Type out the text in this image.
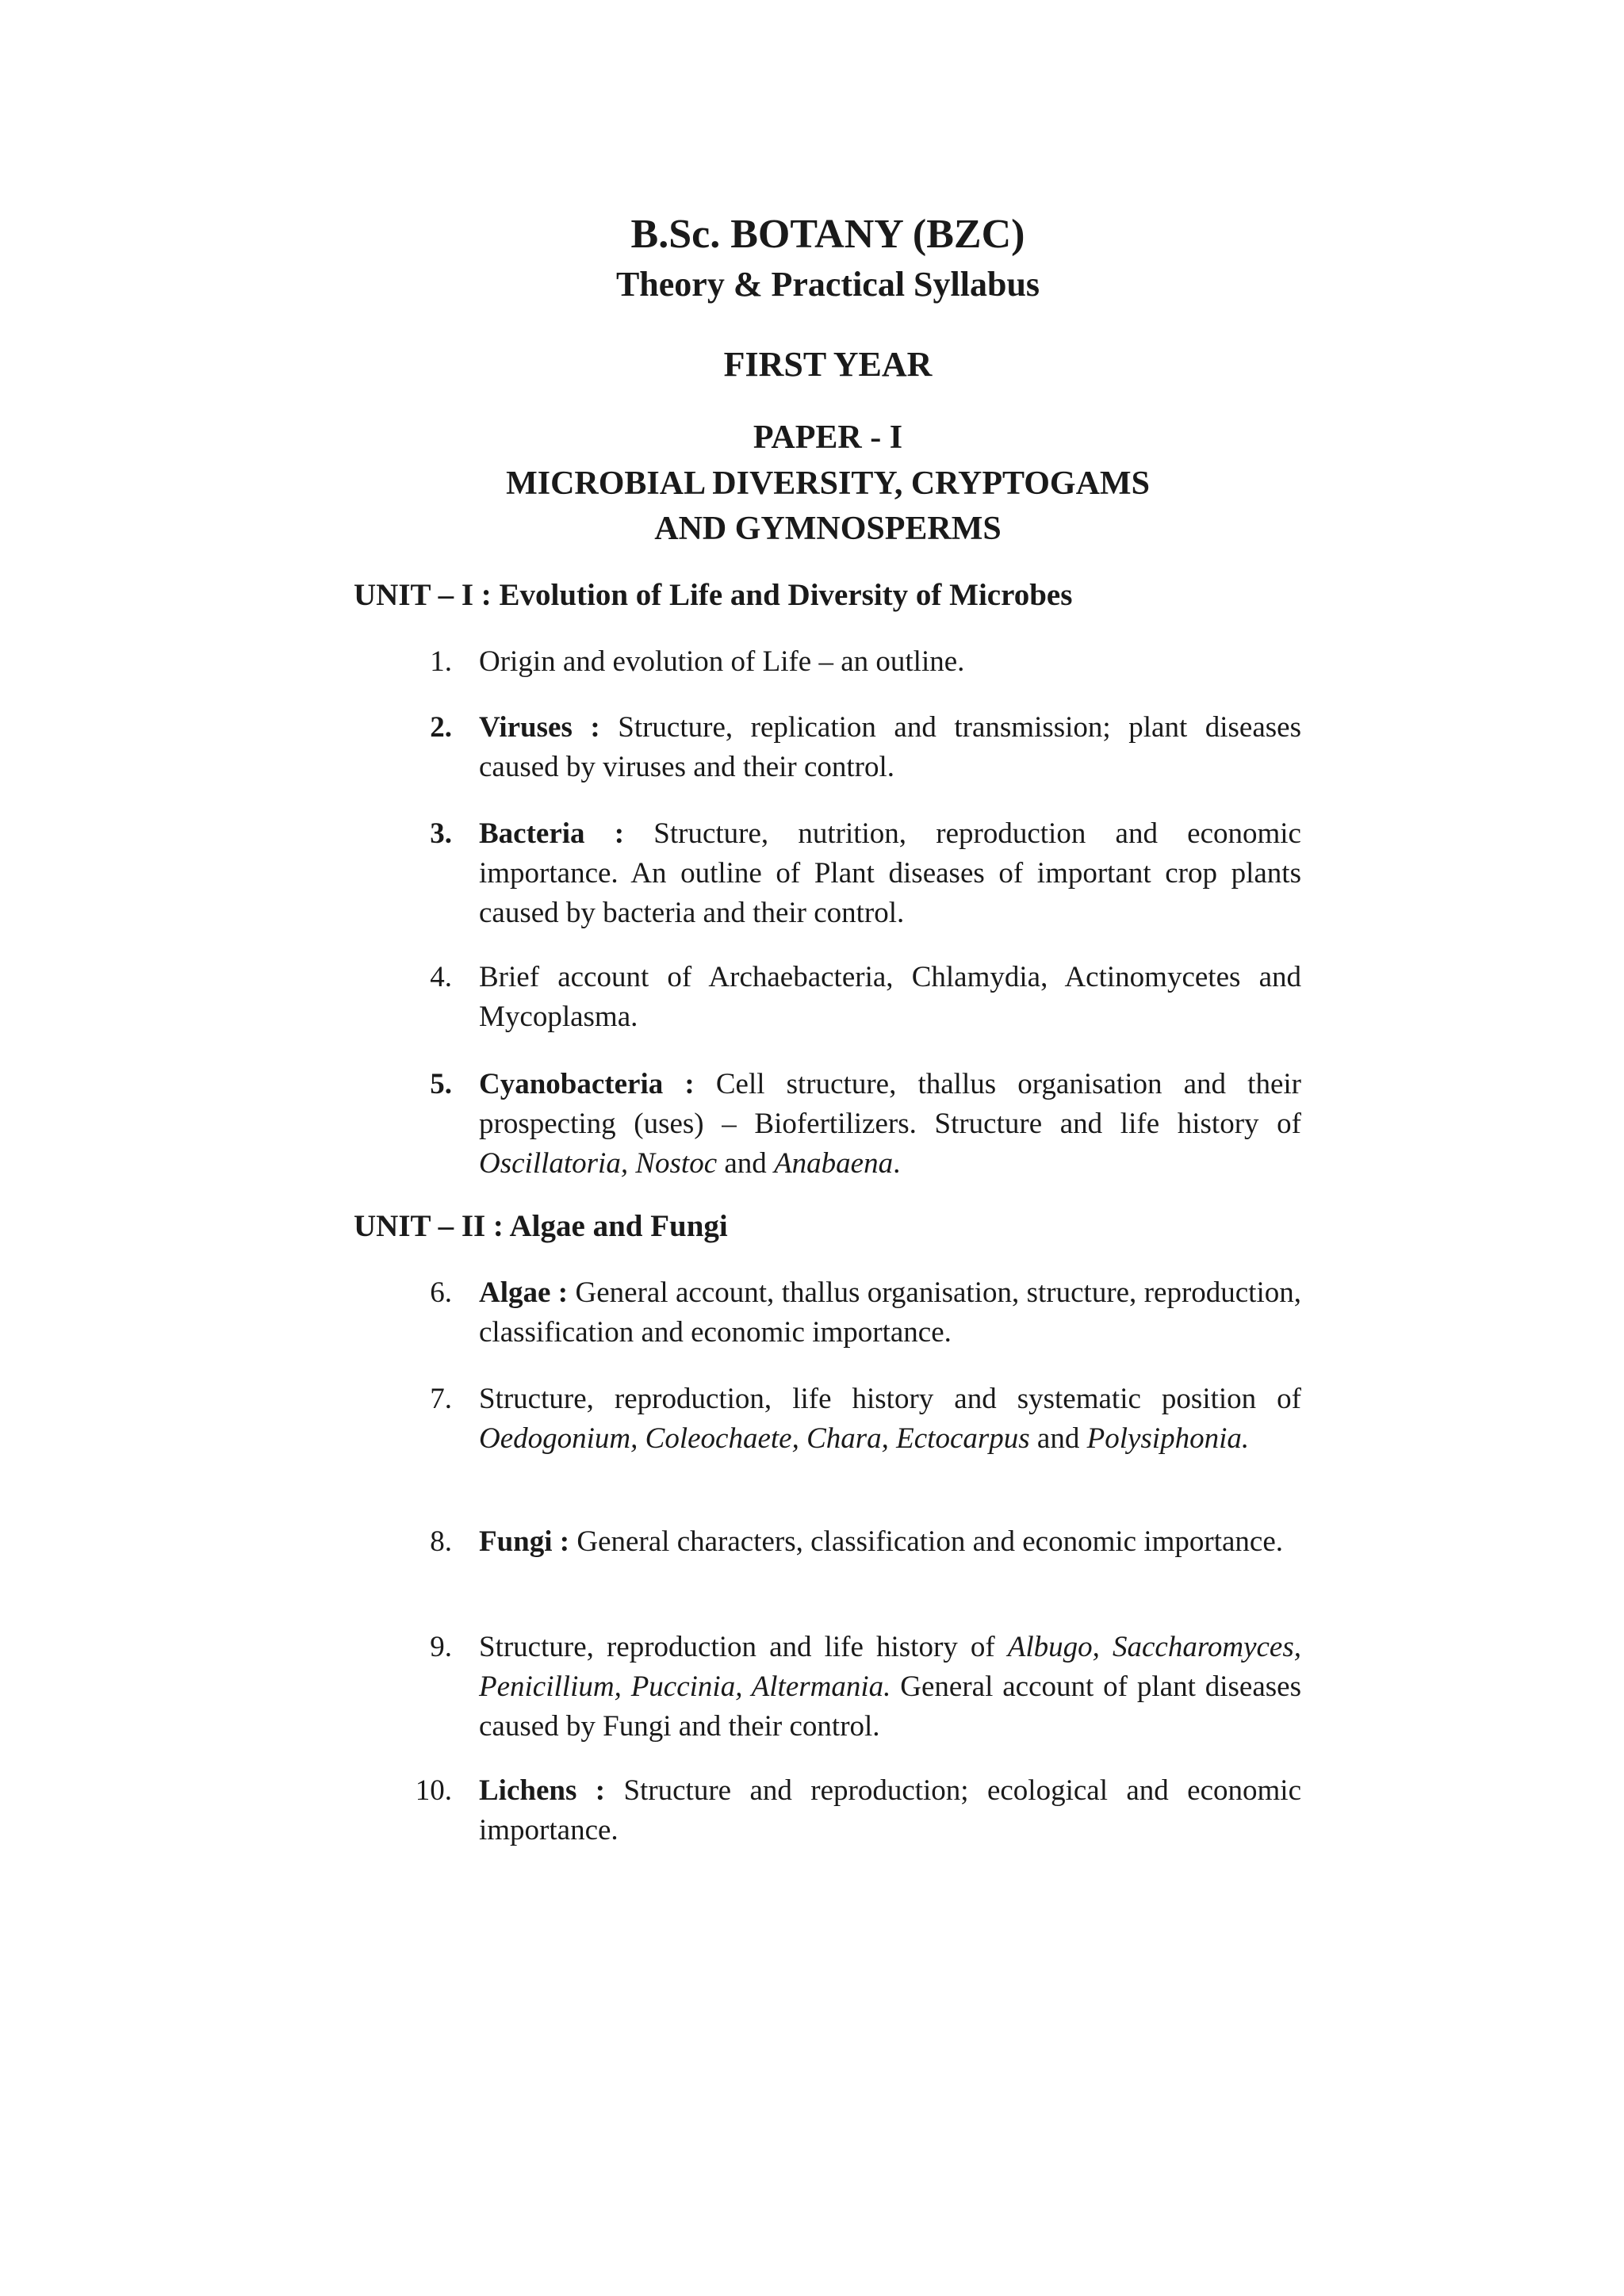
B.Sc. BOTANY (BZC)
Theory & Practical Syllabus
FIRST YEAR
PAPER - I
MICROBIAL DIVERSITY, CRYPTOGAMS
AND GYMNOSPERMS
UNIT – I : Evolution of Life and Diversity of Microbes
1. Origin and evolution of Life – an outline.
2. Viruses : Structure, replication and transmission; plant diseases caused by viruses and their control.
3. Bacteria : Structure, nutrition, reproduction and economic importance. An outline of Plant diseases of important crop plants caused by bacteria and their control.
4. Brief account of Archaebacteria, Chlamydia, Actinomycetes and Mycoplasma.
5. Cyanobacteria : Cell structure, thallus organisation and their prospecting (uses) – Biofertilizers. Structure and life history of Oscillatoria, Nostoc and Anabaena.
UNIT – II : Algae and Fungi
6. Algae : General account, thallus organisation, structure, reproduction, classification and economic importance.
7. Structure, reproduction, life history and systematic position of Oedogonium, Coleochaete, Chara, Ectocarpus and Polysiphonia.
8. Fungi : General characters, classification and economic importance.
9. Structure, reproduction and life history of Albugo, Saccharomyces, Penicillium, Puccinia, Altermania. General account of plant diseases caused by Fungi and their control.
10. Lichens : Structure and reproduction; ecological and economic importance.
